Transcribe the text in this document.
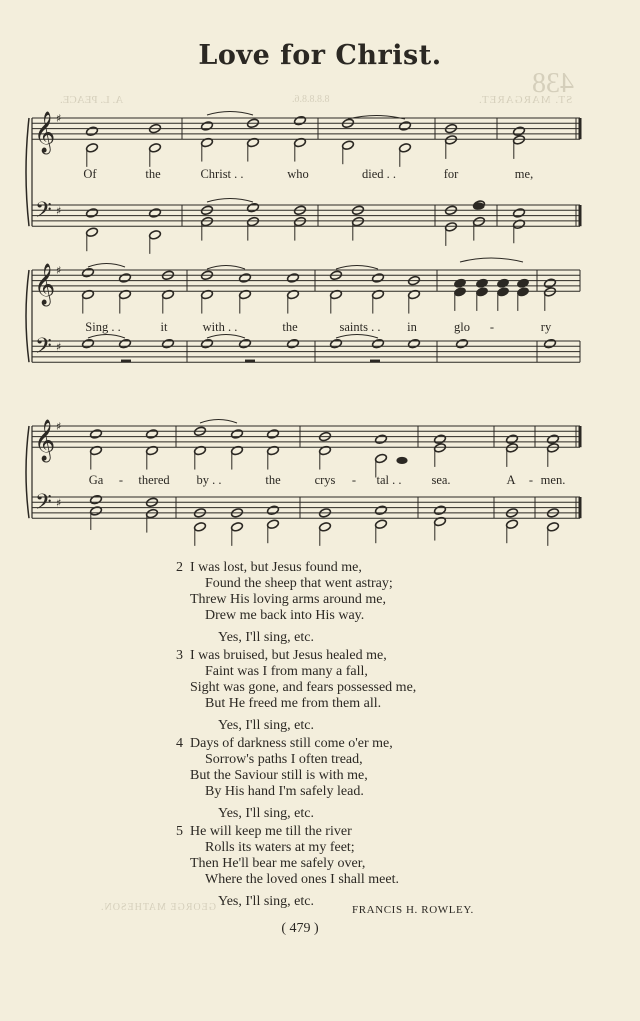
438
ST. MARGARET.
8.8.8.8.6.
A. L. PEACE.
GEORGE MATHESON.
Love for Christ.
𝄞
𝄢
♯
♯
𝄞
𝄢
♯
♯
𝄞
𝄢
♯
♯
Of	the	Christ . .	who	died . .	for	me,
Sing . .	it	with . .	the	saints . . in	glo -	ry
Ga - thered by . .	the	crys - tal . . sea.	A - men.
2 I was lost, but Jesus found me,
Found the sheep that went astray;
Threw His loving arms around me,
Drew me back into His way.
Yes, I'll sing, etc.
3 I was bruised, but Jesus healed me,
Faint was I from many a fall,
Sight was gone, and fears possessed me,
But He freed me from them all.
Yes, I'll sing, etc.
4 Days of darkness still come o'er me,
Sorrow's paths I often tread,
But the Saviour still is with me,
By His hand I'm safely lead.
Yes, I'll sing, etc.
5 He will keep me till the river
Rolls its waters at my feet;
Then He'll bear me safely over,
Where the loved ones I shall meet.
Yes, I'll sing, etc.
FRANCIS H. ROWLEY.
( 479 )
